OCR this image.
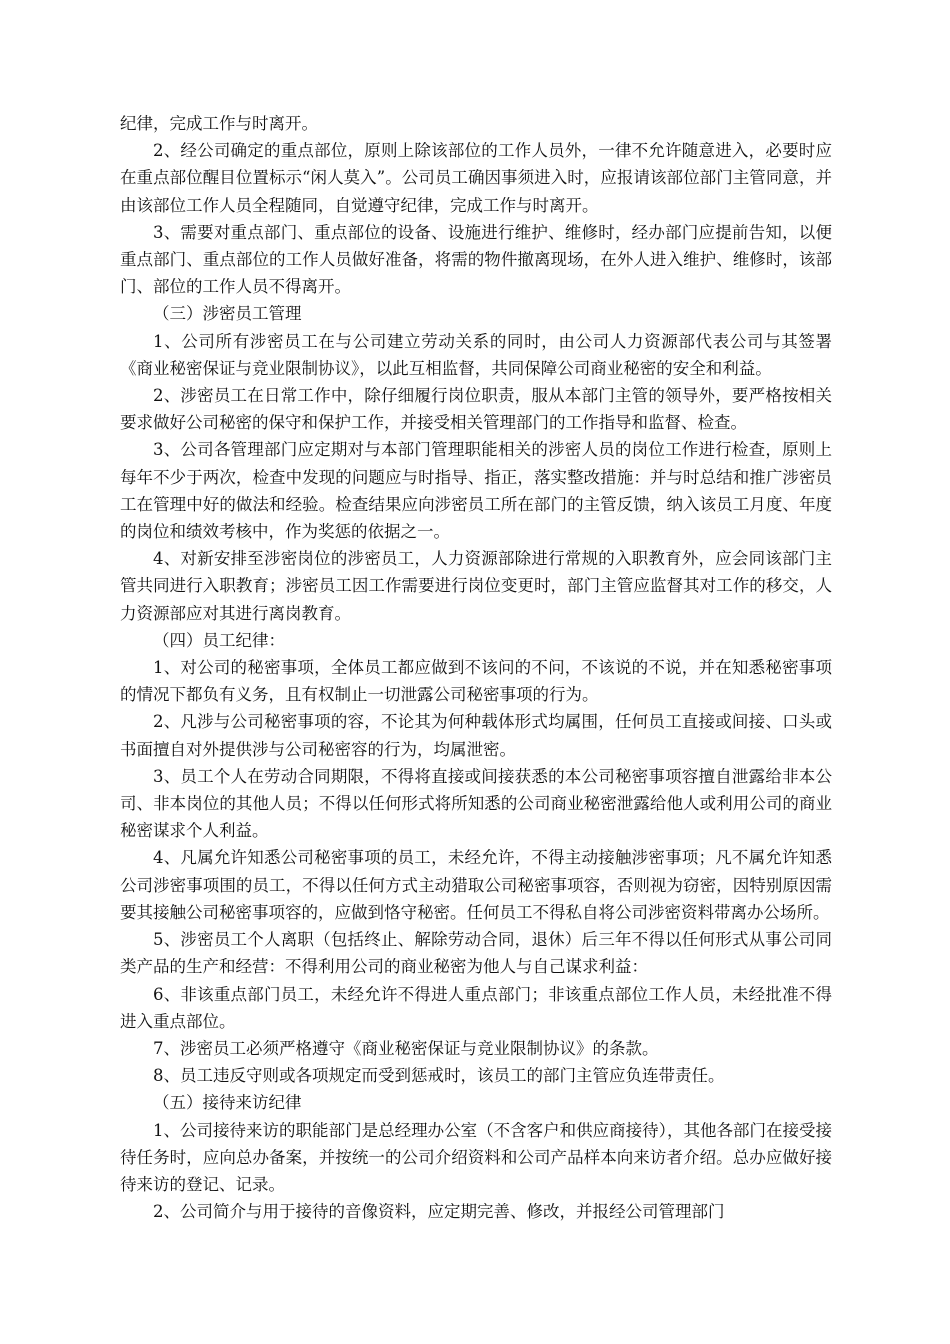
纪律，完成工作与时离开。

2、经公司确定的重点部位，原则上除该部位的工作人员外，一律不允许随意进入，必要时应在重点部位醒目位置标示“闲人莫入”。公司员工确因事须进入时，应报请该部位部门主管同意，并由该部位工作人员全程随同，自觉遵守纪律，完成工作与时离开。

3、需要对重点部门、重点部位的设备、设施进行维护、维修时，经办部门应提前告知，以便重点部门、重点部位的工作人员做好准备，将需的物件撤离现场，在外人进入维护、维修时，该部门、部位的工作人员不得离开。

（三）涉密员工管理

1、公司所有涉密员工在与公司建立劳动关系的同时，由公司人力资源部代表公司与其签署《商业秘密保证与竞业限制协议》，以此互相监督，共同保障公司商业秘密的安全和利益。

2、涉密员工在日常工作中，除仔细履行岗位职责，服从本部门主管的领导外，要严格按相关要求做好公司秘密的保守和保护工作，并接受相关管理部门的工作指导和监督、检查。

3、公司各管理部门应定期对与本部门管理职能相关的涉密人员的岗位工作进行检查，原则上每年不少于两次，检查中发现的问题应与时指导、指正，落实整改措施：并与时总结和推广涉密员工在管理中好的做法和经验。检查结果应向涉密员工所在部门的主管反馈，纳入该员工月度、年度的岗位和绩效考核中，作为奖惩的依据之一。

4、对新安排至涉密岗位的涉密员工，人力资源部除进行常规的入职教育外，应会同该部门主管共同进行入职教育；涉密员工因工作需要进行岗位变更时，部门主管应监督其对工作的移交，人力资源部应对其进行离岗教育。

（四）员工纪律：

1、对公司的秘密事项，全体员工都应做到不该问的不问，不该说的不说，并在知悉秘密事项的情况下都负有义务，且有权制止一切泄露公司秘密事项的行为。

2、凡涉与公司秘密事项的容，不论其为何种载体形式均属围，任何员工直接或间接、口头或书面擅自对外提供涉与公司秘密容的行为，均属泄密。

3、员工个人在劳动合同期限，不得将直接或间接获悉的本公司秘密事项容擅自泄露给非本公司、非本岗位的其他人员；不得以任何形式将所知悉的公司商业秘密泄露给他人或利用公司的商业秘密谋求个人利益。

4、凡属允许知悉公司秘密事项的员工，未经允许，不得主动接触涉密事项；凡不属允许知悉公司涉密事项围的员工，不得以任何方式主动猎取公司秘密事项容，否则视为窃密，因特别原因需要其接触公司秘密事项容的，应做到恪守秘密。任何员工不得私自将公司涉密资料带离办公场所。

5、涉密员工个人离职（包括终止、解除劳动合同，退休）后三年不得以任何形式从事公司同类产品的生产和经营：不得利用公司的商业秘密为他人与自己谋求利益：

6、非该重点部门员工，未经允许不得进人重点部门；非该重点部位工作人员，未经批准不得进入重点部位。

7、涉密员工必须严格遵守《商业秘密保证与竞业限制协议》的条款。

8、员工违反守则或各项规定而受到惩戒时，该员工的部门主管应负连带责任。

（五）接待来访纪律

1、公司接待来访的职能部门是总经理办公室（不含客户和供应商接待），其他各部门在接受接待任务时，应向总办备案，并按统一的公司介绍资料和公司产品样本向来访者介绍。总办应做好接待来访的登记、记录。

2、公司简介与用于接待的音像资料，应定期完善、修改，并报经公司管理部门
